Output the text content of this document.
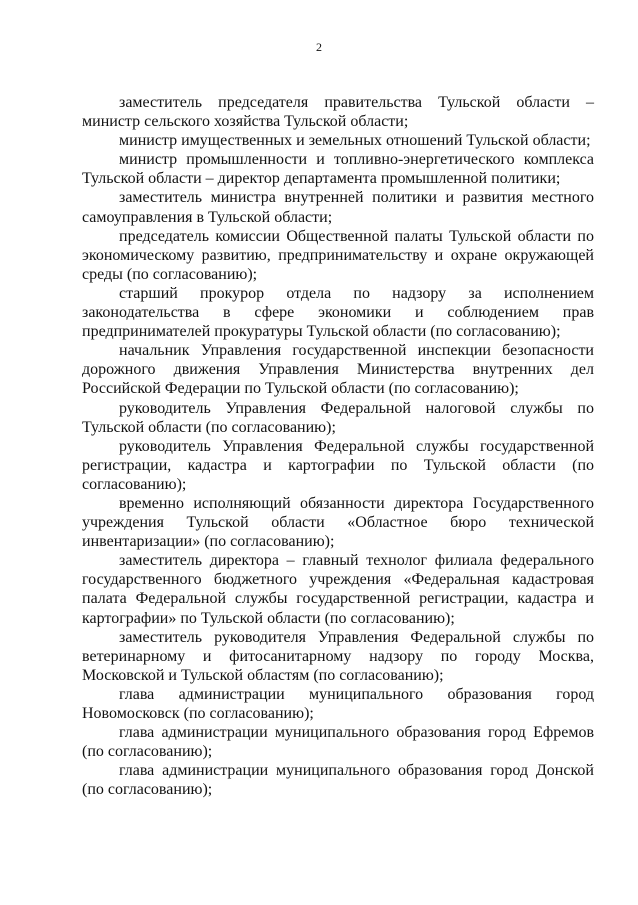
2

заместитель председателя правительства Тульской области – министр сельского хозяйства Тульской области;

министр имущественных и земельных отношений Тульской области;

министр промышленности и топливно-энергетического комплекса Тульской области – директор департамента промышленной политики;

заместитель министра внутренней политики и развития местного самоуправления в Тульской области;

председатель комиссии Общественной палаты Тульской области по экономическому развитию, предпринимательству и охране окружающей среды (по согласованию);

старший прокурор отдела по надзору за исполнением законодательства в сфере экономики и соблюдением прав предпринимателей прокуратуры Тульской области (по согласованию);

начальник Управления государственной инспекции безопасности дорожного движения Управления Министерства внутренних дел Российской Федерации по Тульской области (по согласованию);

руководитель Управления Федеральной налоговой службы по Тульской области (по согласованию);

руководитель Управления Федеральной службы государственной регистрации, кадастра и картографии по Тульской области (по согласованию);

временно исполняющий обязанности директора Государственного учреждения Тульской области «Областное бюро технической инвентаризации» (по согласованию);

заместитель директора – главный технолог филиала федерального государственного бюджетного учреждения «Федеральная кадастровая палата Федеральной службы государственной регистрации, кадастра и картографии» по Тульской области (по согласованию);

заместитель руководителя Управления Федеральной службы по ветеринарному и фитосанитарному надзору по городу Москва, Московской и Тульской областям (по согласованию);

глава администрации муниципального образования город Новомосковск (по согласованию);

глава администрации муниципального образования город Ефремов (по согласованию);

глава администрации муниципального образования город Донской (по согласованию);
